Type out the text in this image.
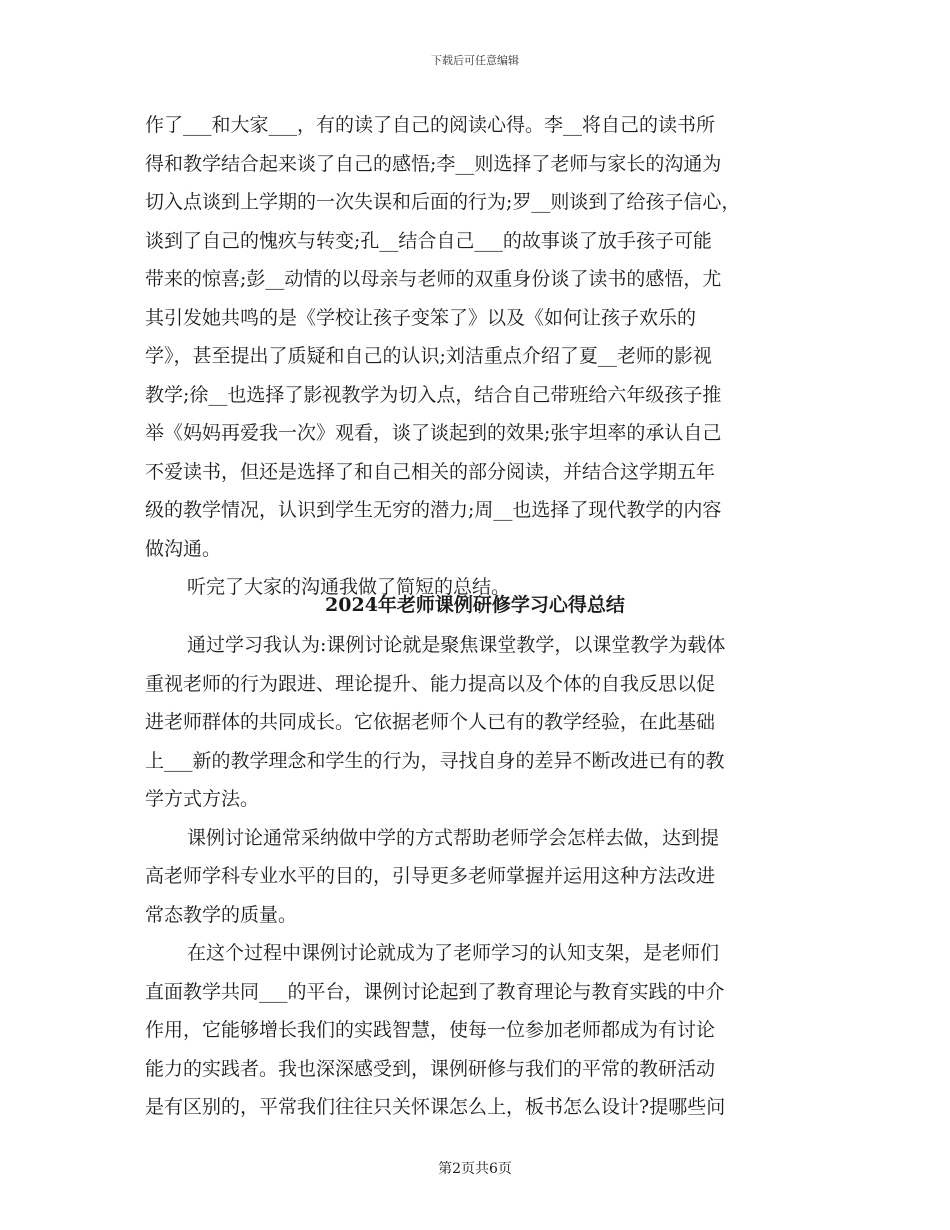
下载后可任意编辑
作了___和大家___，有的读了自己的阅读心得。李__将自己的读书所
得和教学结合起来谈了自己的感悟;李__则选择了老师与家长的沟通为
切入点谈到上学期的一次失误和后面的行为;罗__则谈到了给孩子信心，
谈到了自己的愧疚与转变;孔__结合自己___的故事谈了放手孩子可能
带来的惊喜;彭__动情的以母亲与老师的双重身份谈了读书的感悟，尤
其引发她共鸣的是《学校让孩子变笨了》以及《如何让孩子欢乐的
学》，甚至提出了质疑和自己的认识;刘洁重点介绍了夏__老师的影视
教学;徐__也选择了影视教学为切入点，结合自己带班给六年级孩子推
举《妈妈再爱我一次》观看，谈了谈起到的效果;张宇坦率的承认自己
不爱读书，但还是选择了和自己相关的部分阅读，并结合这学期五年
级的教学情况，认识到学生无穷的潜力;周__也选择了现代教学的内容
做沟通。
听完了大家的沟通我做了简短的总结。
2024年老师课例研修学习心得总结
通过学习我认为:课例讨论就是聚焦课堂教学，以课堂教学为载体
重视老师的行为跟进、理论提升、能力提高以及个体的自我反思以促
进老师群体的共同成长。它依据老师个人已有的教学经验，在此基础
上___新的教学理念和学生的行为，寻找自身的差异不断改进已有的教
学方式方法。
课例讨论通常采纳做中学的方式帮助老师学会怎样去做，达到提
高老师学科专业水平的目的，引导更多老师掌握并运用这种方法改进
常态教学的质量。
在这个过程中课例讨论就成为了老师学习的认知支架，是老师们
直面教学共同___的平台，课例讨论起到了教育理论与教育实践的中介
作用，它能够增长我们的实践智慧，使每一位参加老师都成为有讨论
能力的实践者。我也深深感受到，课例研修与我们的平常的教研活动
是有区别的，平常我们往往只关怀课怎么上，板书怎么设计?提哪些问
第2页共6页
